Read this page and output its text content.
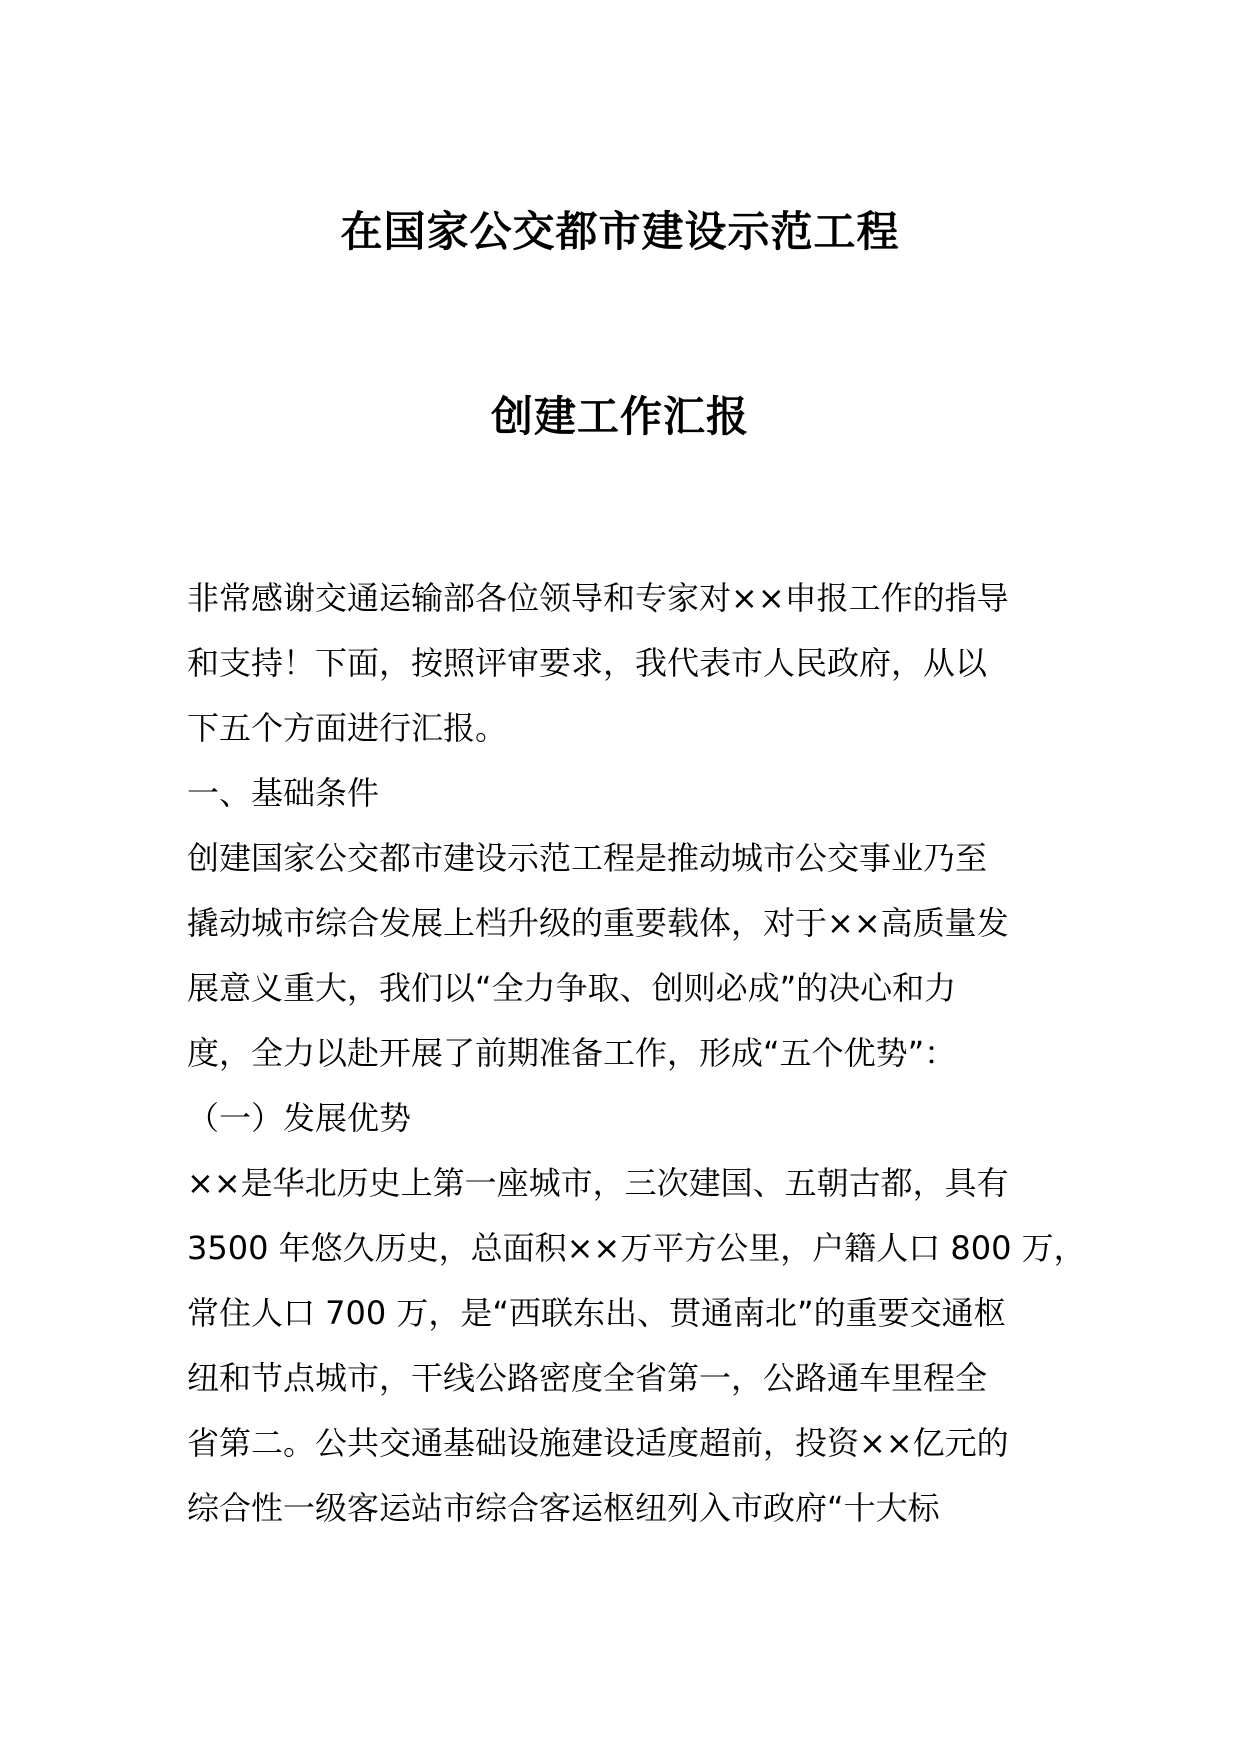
在国家公交都市建设示范工程
创建工作汇报
非常感谢交通运输部各位领导和专家对××申报工作的指导
和支持！下面，按照评审要求，我代表市人民政府，从以
下五个方面进行汇报。
一、基础条件
创建国家公交都市建设示范工程是推动城市公交事业乃至
撬动城市综合发展上档升级的重要载体，对于××高质量发
展意义重大，我们以“全力争取、创则必成”的决心和力
度，全力以赴开展了前期准备工作，形成“五个优势”：
（一）发展优势
××是华北历史上第一座城市，三次建国、五朝古都，具有
3500 年悠久历史，总面积××万平方公里，户籍人口 800 万，
常住人口 700 万，是“西联东出、贯通南北”的重要交通枢
纽和节点城市，干线公路密度全省第一，公路通车里程全
省第二。公共交通基础设施建设适度超前，投资××亿元的
综合性一级客运站市综合客运枢纽列入市政府“十大标
